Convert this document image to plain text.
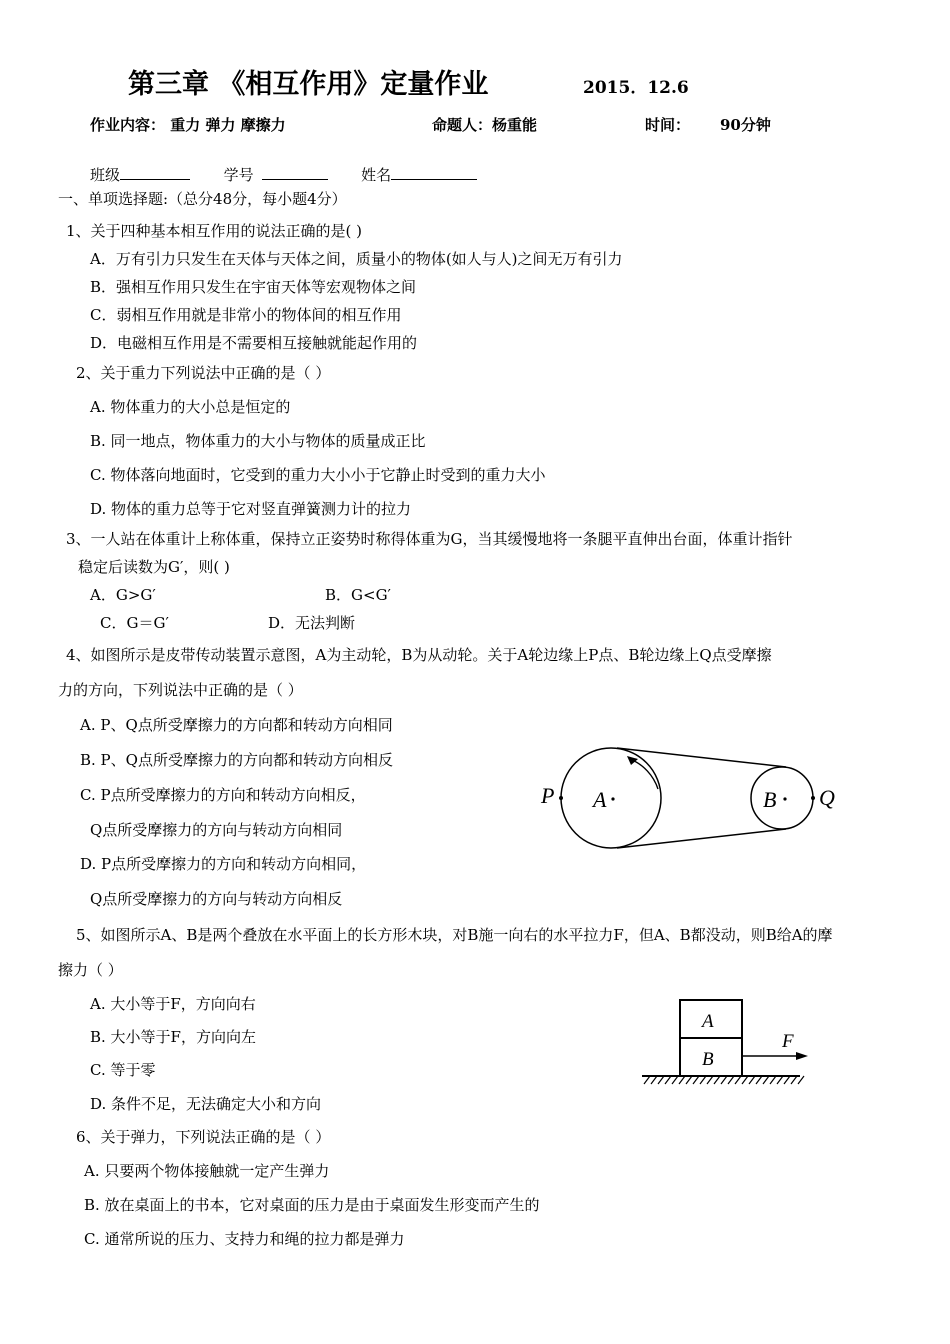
第三章 《相互作用》定量作业	2015．12.6
作业内容： 重力 弹力 摩擦力	命题人：杨重能	时间： 90分钟
班级	学号	姓名
一、单项选择题:（总分48分，每小题4分）
1、关于四种基本相互作用的说法正确的是( )
A．万有引力只发生在天体与天体之间，质量小的物体(如人与人)之间无万有引力
B．强相互作用只发生在宇宙天体等宏观物体之间
C．弱相互作用就是非常小的物体间的相互作用
D．电磁相互作用是不需要相互接触就能起作用的
2、关于重力下列说法中正确的是（ ）
A. 物体重力的大小总是恒定的
B. 同一地点，物体重力的大小与物体的质量成正比
C. 物体落向地面时，它受到的重力大小小于它静止时受到的重力大小
D. 物体的重力总等于它对竖直弹簧测力计的拉力
3、一人站在体重计上称体重，保持立正姿势时称得体重为G，当其缓慢地将一条腿平直伸出台面，体重计指针
稳定后读数为G′，则( )
A．G>G′	B．G<G′
C．G＝G′	D．无法判断
4、如图所示是皮带传动装置示意图，A为主动轮，B为从动轮。关于A轮边缘上P点、B轮边缘上Q点受摩擦
力的方向，下列说法中正确的是（ ）
A. P、Q点所受摩擦力的方向都和转动方向相同
B. P、Q点所受摩擦力的方向都和转动方向相反
C. P点所受摩擦力的方向和转动方向相反，
Q点所受摩擦力的方向与转动方向相同
D. P点所受摩擦力的方向和转动方向相同，
Q点所受摩擦力的方向与转动方向相反
P A	B Q
5、如图所示A、B是两个叠放在水平面上的长方形木块，对B施一向右的水平拉力F，但A、B都没动，则B给A的摩
擦力（ ）
A. 大小等于F，方向向右
B. 大小等于F，方向向左
C. 等于零
D. 条件不足，无法确定大小和方向
A
B
F
6、关于弹力，下列说法正确的是（ ）
A. 只要两个物体接触就一定产生弹力
B. 放在桌面上的书本，它对桌面的压力是由于桌面发生形变而产生的
C. 通常所说的压力、支持力和绳的拉力都是弹力
